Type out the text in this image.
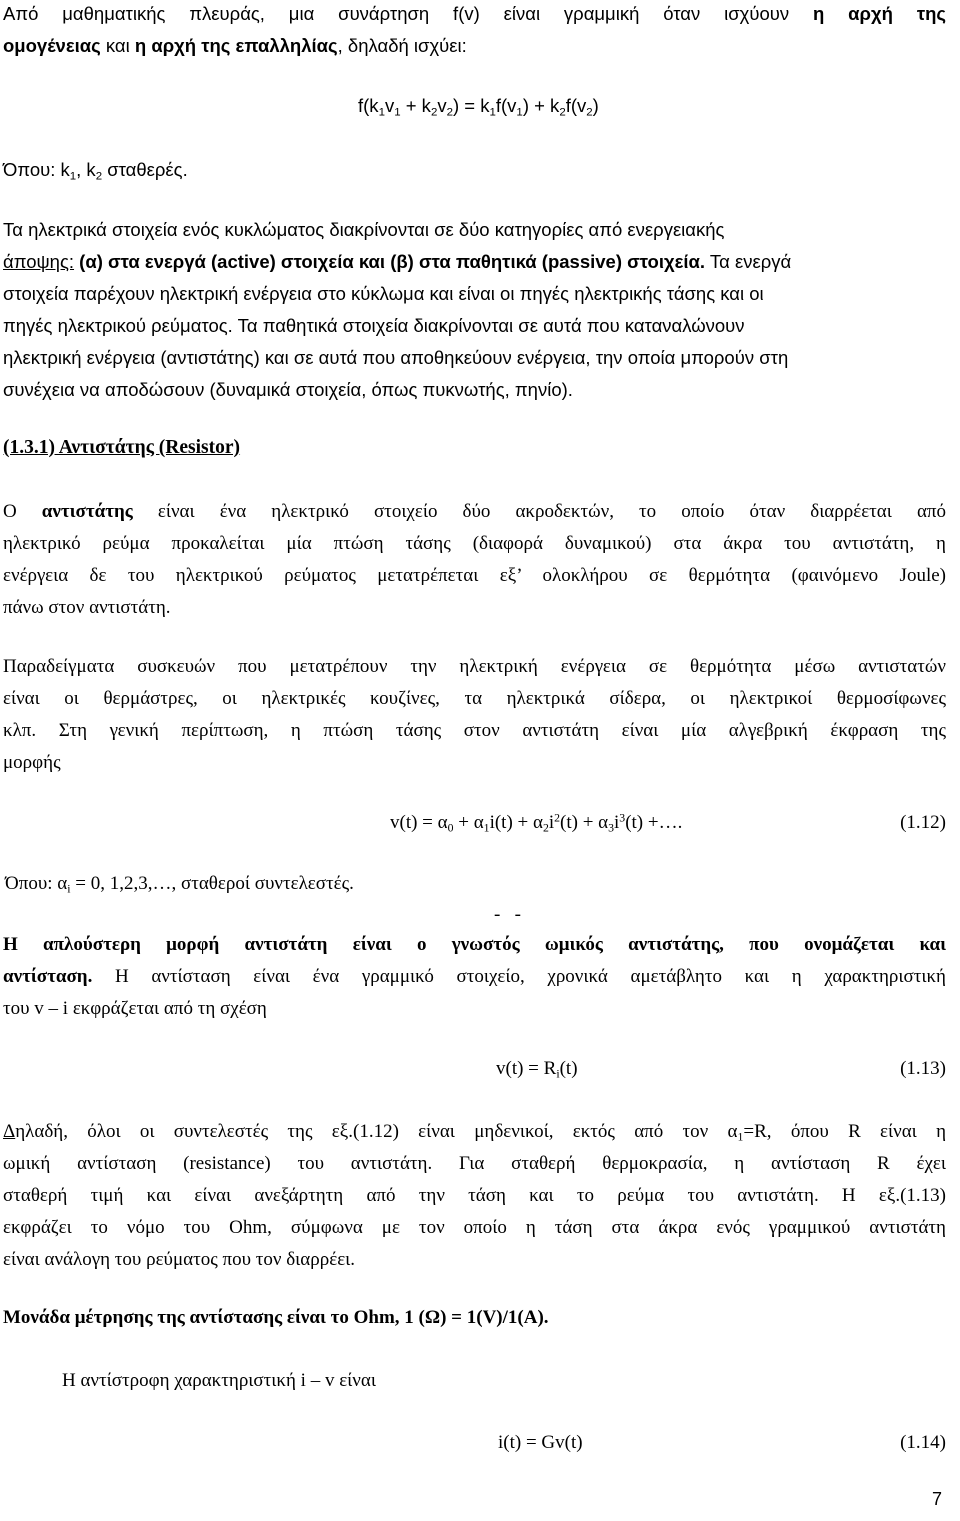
Από μαθηματικής πλευράς, μια συνάρτηση f(v) είναι γραμμική όταν ισχύουν η αρχή της
ομογένειας και η αρχή της επαλληλίας, δηλαδή ισχύει:
$f(k_1v_1 + k_2v_2) = k_1f(v_1) + k_2f(v_2)$
Όπου: $k_1$, $k_2$ σταθερές.
Τα ηλεκτρικά στοιχεία ενός κυκλώματος διακρίνονται σε δύο κατηγορίες από ενεργειακής
άποψης: (α) στα ενεργά (active) στοιχεία και (β) στα παθητικά (passive) στοιχεία. Τα ενεργά
στοιχεία παρέχουν ηλεκτρική ενέργεια στο κύκλωμα και είναι οι πηγές ηλεκτρικής τάσης και οι
πηγές ηλεκτρικού ρεύματος. Τα παθητικά στοιχεία διακρίνονται σε αυτά που καταναλώνουν
ηλεκτρική ενέργεια (αντιστάτης) και σε αυτά που αποθηκεύουν ενέργεια, την οποία μπορούν στη
συνέχεια να αποδώσουν (δυναμικά στοιχεία, όπως πυκνωτής, πηνίο).
(1.3.1) Αντιστάτης (Resistor)
Ο αντιστάτης είναι ένα ηλεκτρικό στοιχείο δύο ακροδεκτών, το οποίο όταν διαρρέεται από
ηλεκτρικό ρεύμα προκαλείται μία πτώση τάσης (διαφορά δυναμικού) στα άκρα του αντιστάτη, η
ενέργεια δε του ηλεκτρικού ρεύματος μετατρέπεται εξ’ ολοκλήρου σε θερμότητα (φαινόμενο Joule)
πάνω στον αντιστάτη.
Παραδείγματα συσκευών που μετατρέπουν την ηλεκτρική ενέργεια σε θερμότητα μέσω αντιστατών
είναι οι θερμάστρες, οι ηλεκτρικές κουζίνες, τα ηλεκτρικά σίδερα, οι ηλεκτρικοί θερμοσίφωνες
κλπ. Στη γενική περίπτωση, η πτώση τάσης στον αντιστάτη είναι μία αλγεβρική έκφραση της
μορφής
$v(t) = \alpha_0 + \alpha_1i(t) + \alpha_2i^2(t) + \alpha_3i^3(t)$ +….	(1.12)
Όπου: $\alpha_i = 0$, 1,2,3,…, σταθεροί συντελεστές.
-   -
Η απλούστερη μορφή αντιστάτη είναι ο γνωστός ωμικός αντιστάτης, που ονομάζεται και
αντίσταση. Η αντίσταση είναι ένα γραμμικό στοιχείο, χρονικά αμετάβλητο και η χαρακτηριστική
του v – i εκφράζεται από τη σχέση
$v(t) = R_i(t)$	(1.13)
Δηλαδή, όλοι οι συντελεστές της εξ.(1.12) είναι μηδενικοί, εκτός από τον $\alpha_1=R$, όπου R είναι η
ωμική αντίσταση (resistance) του αντιστάτη. Για σταθερή θερμοκρασία, η αντίσταση R έχει
σταθερή τιμή και είναι ανεξάρτητη από την τάση και το ρεύμα του αντιστάτη. Η εξ.(1.13)
εκφράζει το νόμο του Ohm, σύμφωνα με τον οποίο η τάση στα άκρα ενός γραμμικού αντιστάτη
είναι ανάλογη του ρεύματος που τον διαρρέει.
Μονάδα μέτρησης της αντίστασης είναι το Ohm, 1 (Ω) = 1(V)/1(A).
Η αντίστροφη χαρακτηριστική i – v είναι
i(t) = Gv(t)	(1.14)
7
